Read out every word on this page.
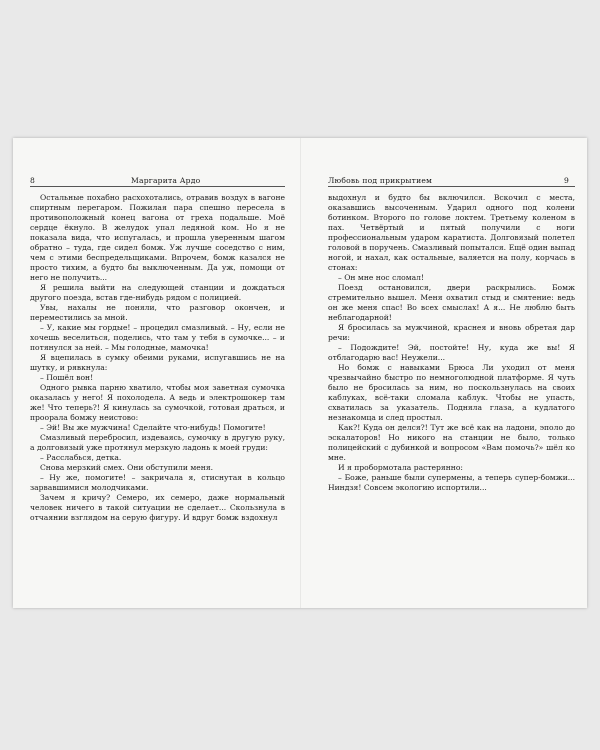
8	Маргарита Ардо

Остальные похабно расхохотались, отравив воздух в вагоне спиртным перегаром. Пожилая пара спешно пересела в противоположный конец вагона от греха подальше. Моё сердце ёкнуло. В желудок упал ледяной ком. Но я не показала вида, что испугалась, и прошла уверенным шагом обратно – туда, где сидел бомж. Уж лучше соседство с ним, чем с этими беспредельщиками. Впрочем, бомж казался не просто тихим, а будто бы выключенным. Да уж, помощи от него не получить...

Я решила выйти на следующей станции и дождаться другого поезда, встав где-нибудь рядом с полицией.

Увы, нахалы не поняли, что разговор окончен, и переместились за мной.

– У, какие мы гордые! – процедил смазливый. – Ну, если не хочешь веселиться, поделись, что там у тебя в сумочке... – и потянулся за ней. – Мы голодные, мамочка!

Я вцепилась в сумку обеими руками, испугавшись не на шутку, и рявкнула:

– Пошёл вон!

Одного рывка парню хватило, чтобы моя заветная сумочка оказалась у него! Я похолодела. А ведь и электрошокер там же! Что теперь?! Я кинулась за сумочкой, готовая драться, и проорала бомжу неистово:

– Эй! Вы же мужчина! Сделайте что-нибудь! Помогите!

Смазливый перебросил, издеваясь, сумочку в другую руку, а долговязый уже протянул мерзкую ладонь к моей груди:

– Расслабься, детка.

Снова мерзкий смех. Они обступили меня.

– Ну же, помогите! – закричала я, стиснутая в кольцо зарвавшимися молодчиками.

Зачем я кричу? Семеро, их семеро, даже нормальный человек ничего в такой ситуации не сделает... Скользнула в отчаянии взглядом на серую фигуру. И вдруг бомж вздохнул

Любовь под прикрытием	9

выдохнул и будто бы включился. Вскочил с места, оказавшись высоченным. Ударил одного под колени ботинком. Второго по голове локтем. Третьему коленом в пах. Четвёртый и пятый получили с ноги профессиональным ударом каратиста. Долговязый полетел головой в поручень. Смазливый попытался. Ещё один выпад ногой, и нахал, как остальные, валяется на полу, корчась в стонах:

– Он мне нос сломал!

Поезд остановился, двери раскрылись. Бомж стремительно вышел. Меня охватил стыд и смятение: ведь он же меня спас! Во всех смыслах! А я... Не люблю быть неблагодарной!

Я бросилась за мужчиной, краснея и вновь обретая дар речи:

– Подождите! Эй, постойте! Ну, куда же вы! Я отблагодарю вас! Неужели...

Но бомж с навыками Брюса Ли уходил от меня чрезвычайно быстро по немноголюдной платформе. Я чуть было не бросилась за ним, но поскользнулась на своих каблуках, всё-таки сломала каблук. Чтобы не упасть, схватилась за указатель. Подняла глаза, а кудлатого незнакомца и след простыл.

Как?! Куда он делся?! Тут же всё как на ладони, эполо до эскалаторов! Но никого на станции не было, только полицейский с дубинкой и вопросом «Вам помочь?» шёл ко мне.

И я пробормотала растерянно:

– Боже, раньше были супермены, а теперь супер-бомжи... Ниндзя! Совсем экологию испортили...
